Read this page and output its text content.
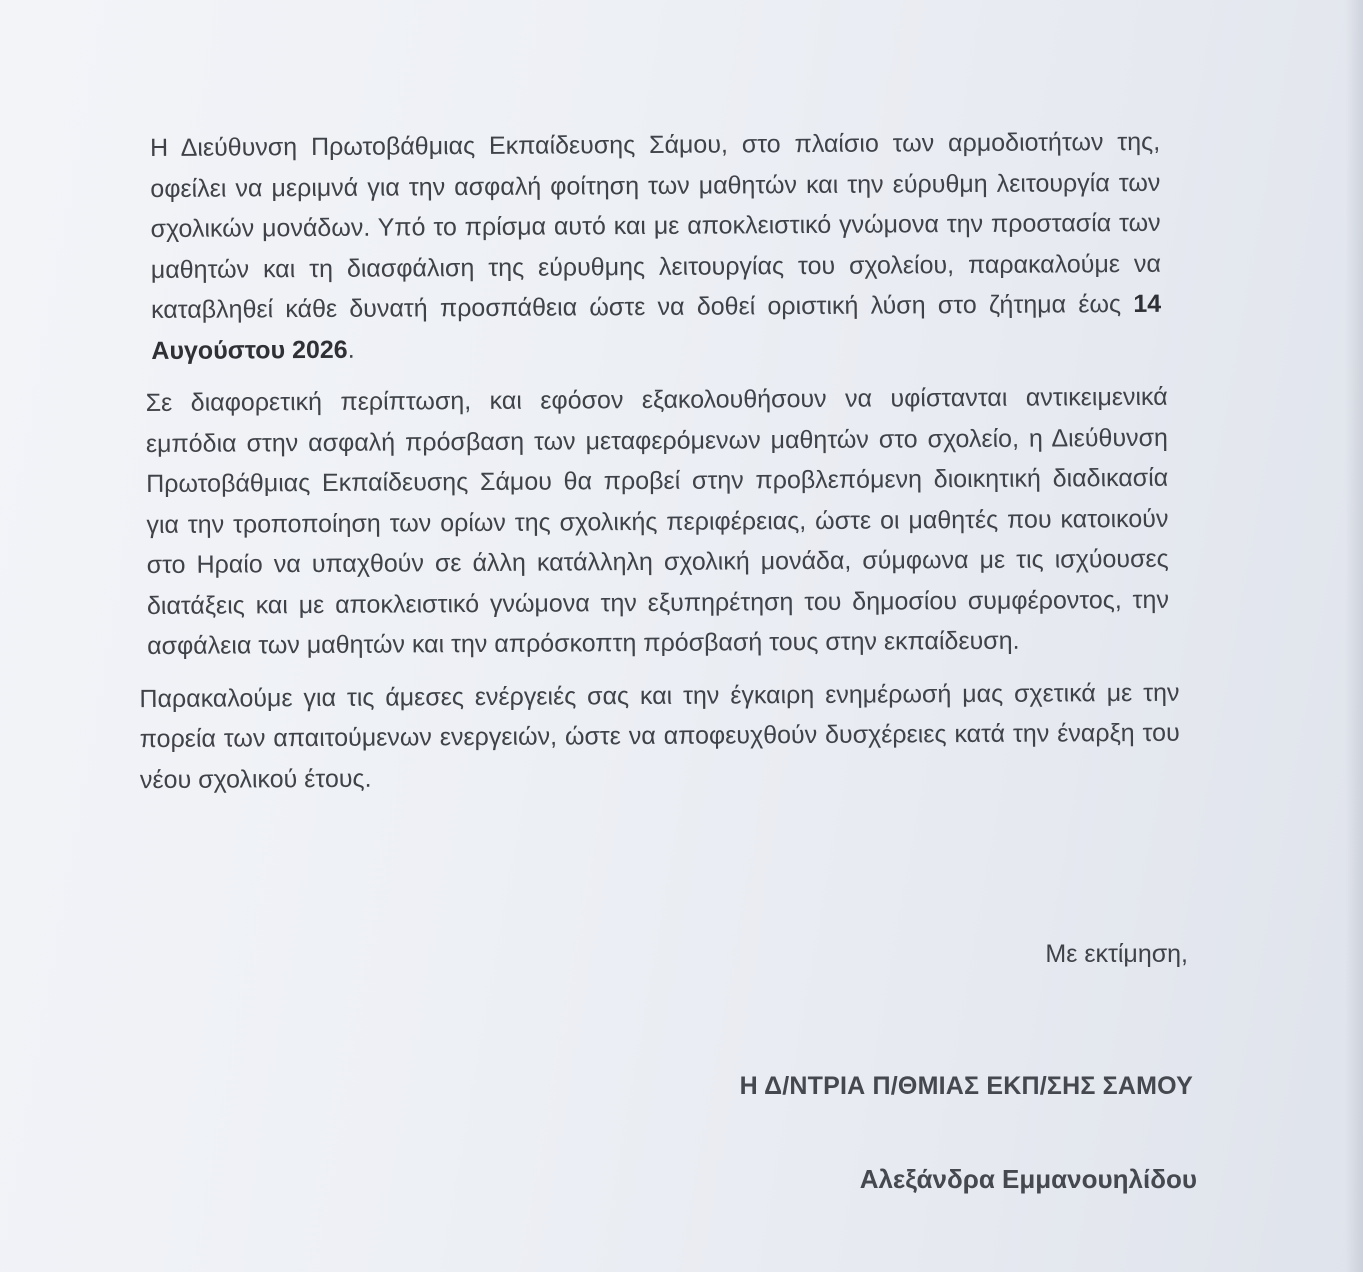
Η Διεύθυνση Πρωτοβάθμιας Εκπαίδευσης Σάμου, στο πλαίσιο των αρμοδιοτήτων της, οφείλει να μεριμνά για την ασφαλή φοίτηση των μαθητών και την εύρυθμη λειτουργία των σχολικών μονάδων. Υπό το πρίσμα αυτό και με αποκλειστικό γνώμονα την προστασία των μαθητών και τη διασφάλιση της εύρυθμης λειτουργίας του σχολείου, παρακαλούμε να καταβληθεί κάθε δυνατή προσπάθεια ώστε να δοθεί οριστική λύση στο ζήτημα έως 14 Αυγούστου 2026.

Σε διαφορετική περίπτωση, και εφόσον εξακολουθήσουν να υφίστανται αντικειμενικά εμπόδια στην ασφαλή πρόσβαση των μεταφερόμενων μαθητών στο σχολείο, η Διεύθυνση Πρωτοβάθμιας Εκπαίδευσης Σάμου θα προβεί στην προβλεπόμενη διοικητική διαδικασία για την τροποποίηση των ορίων της σχολικής περιφέρειας, ώστε οι μαθητές που κατοικούν στο Ηραίο να υπαχθούν σε άλλη κατάλληλη σχολική μονάδα, σύμφωνα με τις ισχύουσες διατάξεις και με αποκλειστικό γνώμονα την εξυπηρέτηση του δημοσίου συμφέροντος, την ασφάλεια των μαθητών και την απρόσκοπτη πρόσβασή τους στην εκπαίδευση.

Παρακαλούμε για τις άμεσες ενέργειές σας και την έγκαιρη ενημέρωσή μας σχετικά με την πορεία των απαιτούμενων ενεργειών, ώστε να αποφευχθούν δυσχέρειες κατά την έναρξη του νέου σχολικού έτους.

Με εκτίμηση,
Η Δ/ΝΤΡΙΑ Π/ΘΜΙΑΣ ΕΚΠ/ΣΗΣ ΣΑΜΟΥ
Αλεξάνδρα Εμμανουηλίδου
